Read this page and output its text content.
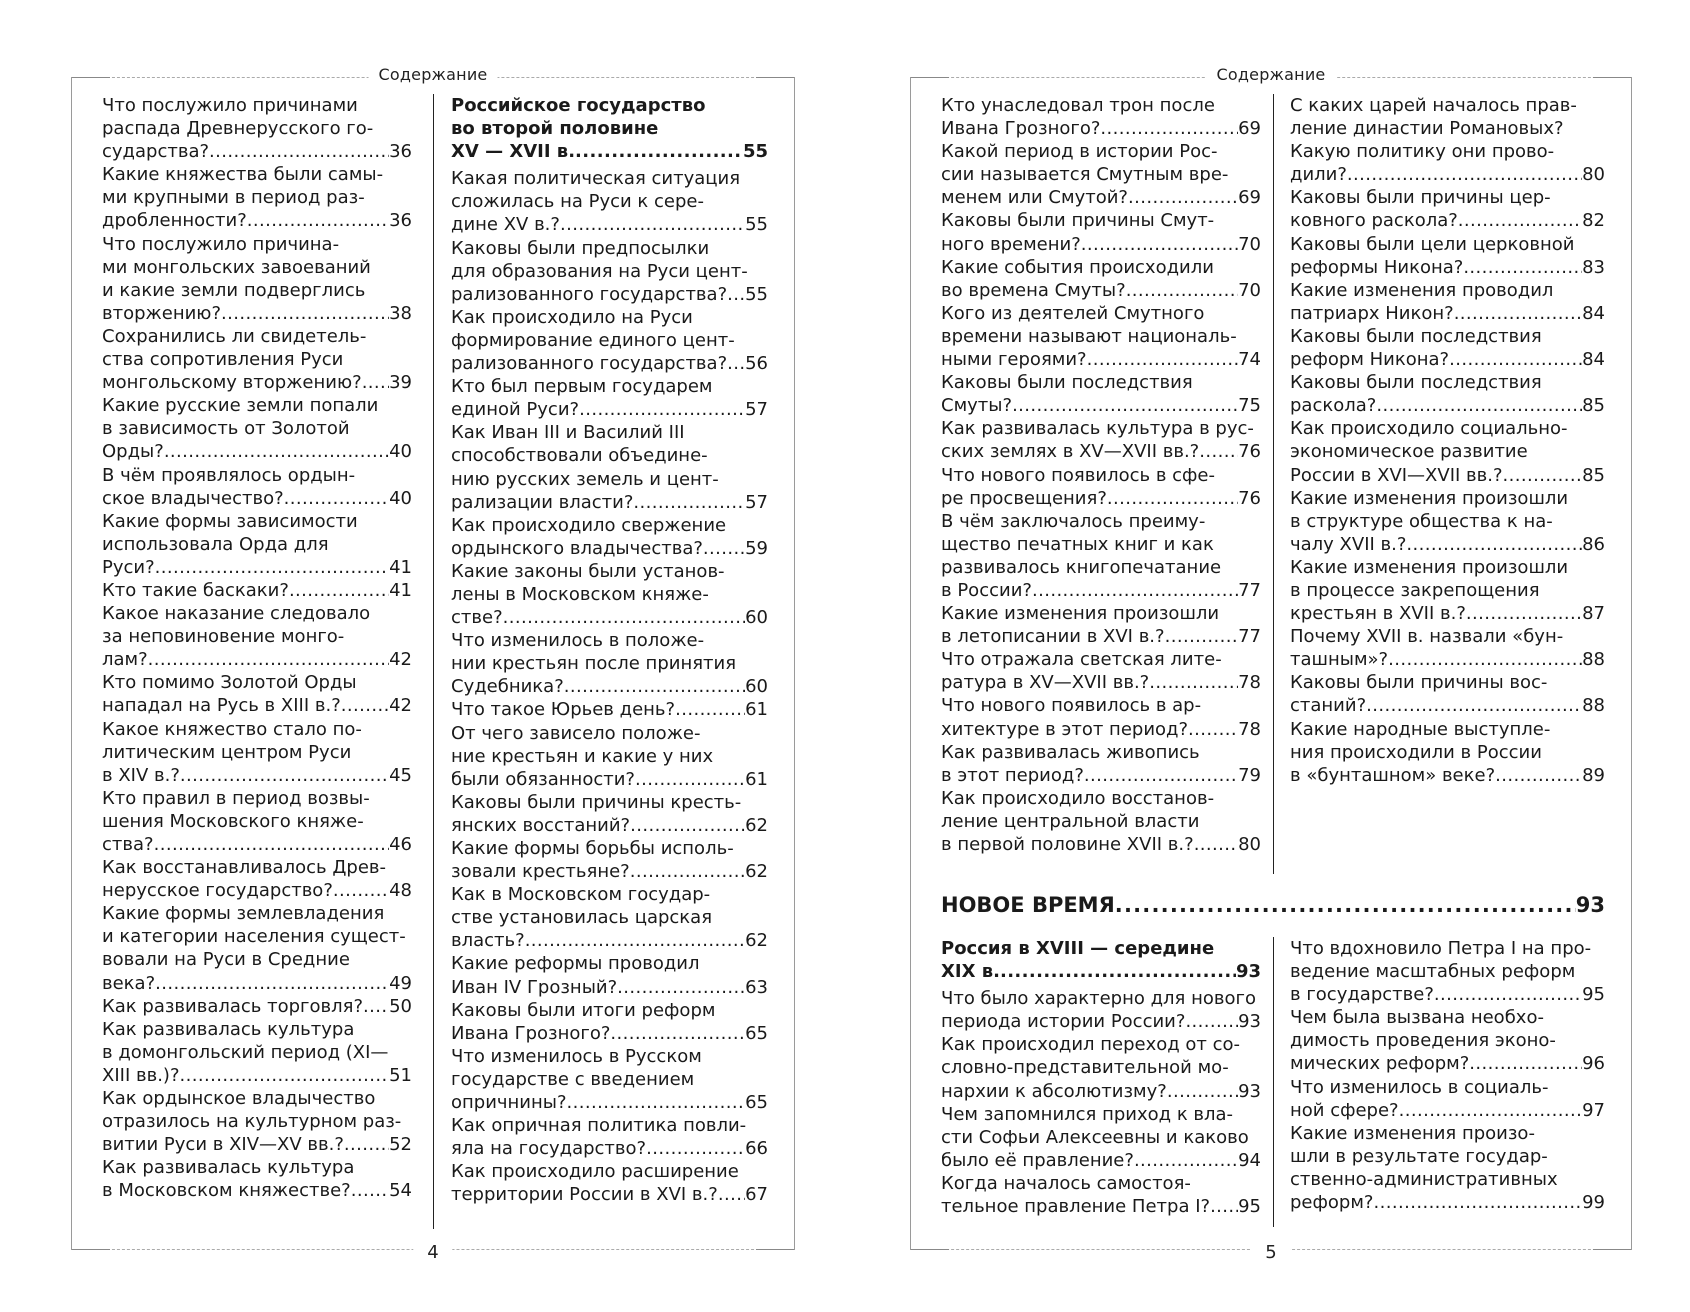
Содержание
Что послужило причинами
распада Древнерусского го-
сударства? .....	36
Какие княжества были самы-
ми крупными в период раз-
дробленности? .....	36
Что послужило причина-
ми монгольских завоеваний
и какие земли подверглись
вторжению? .....	38
Сохранились ли свидетель-
ства сопротивления Руси
монгольскому вторжению? ..... 39
Какие русские земли попали
в зависимость от Золотой
Орды? .....	40
В чём проявлялось ордын-
ское владычество? .....	40
Какие формы зависимости
использовала Орда для
Руси? .....	41
Кто такие баскаки? .....	41
Какое наказание следовало
за неповиновение монго-
лам? .....	42
Кто помимо Золотой Орды
нападал на Русь в XIII в.? .....	42
Какое княжество стало по-
литическим центром Руси
в XIV в.? .....	45
Кто правил в период возвы-
шения Московского княже-
ства? .....	46
Как восстанавливалось Древ-
нерусское государство? .....	48
Какие формы землевладения
и категории населения сущест-
вовали на Руси в Средние
века? .....	49
Как развивалась торговля? ..... 50
Как развивалась культура
в домонгольский период (XI—
XIII вв.)? .....	51
Как ордынское владычество
отразилось на культурном раз-
витии Руси в XIV—XV вв.? .....	52
Как развивалась культура
в Московском княжестве? ..... 54
Российское государство
во второй половине
XV — XVII в. .....	55
Какая политическая ситуация
сложилась на Руси к сере-
дине XV в.? .....	55
Каковы были предпосылки
для образования на Руси цент-
рализованного государства? ..... 55
Как происходило на Руси
формирование единого цент-
рализованного государства? ..... 56
Кто был первым государем
единой Руси? .....	57
Как Иван III и Василий III
способствовали объедине-
нию русских земель и цент-
рализации власти? .....	57
Как происходило свержение
ордынского владычества? ..... 59
Какие законы были установ-
лены в Московском княже-
стве? .....	60
Что изменилось в положе-
нии крестьян после принятия
Судебника? .....	60
Что такое Юрьев день? .....	61
От чего зависело положе-
ние крестьян и какие у них
были обязанности? .....	61
Каковы были причины кресть-
янских восстаний? .....	62
Какие формы борьбы исполь-
зовали крестьяне? .....	62
Как в Московском государ-
стве установилась царская
власть? .....	62
Какие реформы проводил
Иван IV Грозный? .....	63
Каковы были итоги реформ
Ивана Грозного? .....	65
Что изменилось в Русском
государстве с введением
опричнины? .....	65
Как опричная политика повли-
яла на государство? .....	66
Как происходило расширение
территории России в XVI в.? ..... 67
4
Содержание
Кто унаследовал трон после
Ивана Грозного? .....	69
Какой период в истории Рос-
сии называется Смутным вре-
менем или Смутой? .....	69
Каковы были причины Смут-
ного времени? .....	70
Какие события происходили
во времена Смуты? .....	70
Кого из деятелей Смутного
времени называют националь-
ными героями? .....	74
Каковы были последствия
Смуты? .....	75
Как развивалась культура в рус-
ских землях в XV—XVII вв.? ..... 76
Что нового появилось в сфе-
ре просвещения? .....	76
В чём заключалось преиму-
щество печатных книг и как
развивалось книгопечатание
в России? .....	77
Какие изменения произошли
в летописании в XVI в.? .....	77
Что отражала светская лите-
ратура в XV—XVII вв.? .....	78
Что нового появилось в ар-
хитектуре в этот период? .....	78
Как развивалась живопись
в этот период? .....	79
Как происходило восстанов-
ление центральной власти
в первой половине XVII в.? ..... 80
С каких царей началось прав-
ление династии Романовых?
Какую политику они прово-
дили? .....	80
Каковы были причины цер-
ковного раскола? .....	82
Каковы были цели церковной
реформы Никона? .....	83
Какие изменения проводил
патриарх Никон? .....	84
Каковы были последствия
реформ Никона? .....	84
Каковы были последствия
раскола? .....	85
Как происходило социально-
экономическое развитие
России в XVI—XVII вв.? .....	85
Какие изменения произошли
в структуре общества к на-
чалу XVII в.? .....	86
Какие изменения произошли
в процессе закрепощения
крестьян в XVII в.? .....	87
Почему XVII в. назвали «бун-
ташным»? .....	88
Каковы были причины вос-
станий? .....	88
Какие народные выступле-
ния происходили в России
в «бунташном» веке? .....	89
НОВОЕ ВРЕМЯ .....	93
Россия в XVIII — середине
XIX в. .....	93
Что было характерно для нового
периода истории России? .....	93
Как происходил переход от со-
словно-представительной мо-
нархии к абсолютизму? .....	93
Чем запомнился приход к вла-
сти Софьи Алексеевны и каково
было её правление? .....	94
Когда началось самостоя-
тельное правление Петра I? ..... 95
Что вдохновило Петра I на про-
ведение масштабных реформ
в государстве? .....	95
Чем была вызвана необхо-
димость проведения эконо-
мических реформ? .....	96
Что изменилось в социаль-
ной сфере? .....	97
Какие изменения произо-
шли в результате государ-
ственно-административных
реформ? .....	99
5
